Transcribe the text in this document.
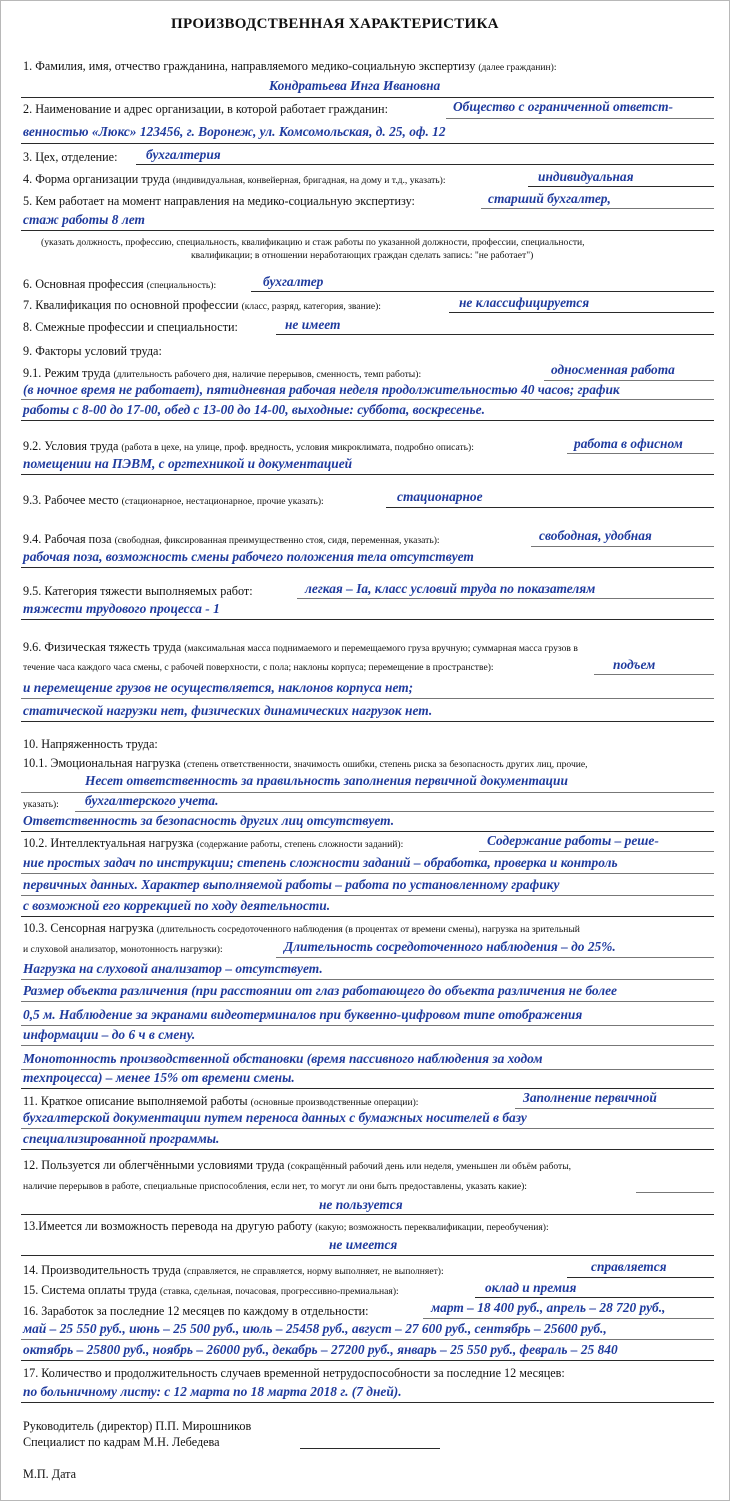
ПРОИЗВОДСТВЕННАЯ ХАРАКТЕРИСТИКА
1. Фамилия, имя, отчество гражданина, направляемого медико-социальную экспертизу (далее гражданин):
Кондратьева Инга Ивановна
2. Наименование и адрес организации, в которой работает гражданин:	Общество с ограниченной ответст-
венностью «Люкс» 123456, г. Воронеж, ул. Комсомольская, д. 25, оф. 12
3. Цех, отделение: бухгалтерия
4. Форма организации труда (индивидуальная, конвейерная, бригадная, на дому и т.д., указать):	индивидуальная
5. Кем работает на момент направления на медико-социальную экспертизу:	старший бухгалтер,
стаж работы 8 лет
(указать должность, профессию, специальность, квалификацию и стаж работы по указанной должности, профессии, специальности,
квалификации; в отношении неработающих граждан сделать запись: "не работает")
6. Основная профессия (специальность):	бухгалтер
7. Квалификация по основной профессии (класс, разряд, категория, звание):	не классифицируется
8. Смежные профессии и специальности:	не имеет
9. Факторы условий труда:
9.1. Режим труда (длительность рабочего дня, наличие перерывов, сменность, темп работы):	односменная работа
(в ночное время не работает), пятидневная рабочая неделя продолжительностью 40 часов; график
работы с 8-00 до 17-00, обед с 13-00 до 14-00, выходные: суббота, воскресенье.
9.2. Условия труда (работа в цехе, на улице, проф. вредность, условия микроклимата, подробно описать):	работа в офисном
помещении на ПЭВМ, с оргтехникой и документацией
9.3. Рабочее место (стационарное, нестационарное, прочие указать):	стационарное
9.4. Рабочая поза (свободная, фиксированная преимущественно стоя, сидя, переменная, указать):	свободная, удобная
рабочая поза, возможность смены рабочего положения тела отсутствует
9.5. Категория тяжести выполняемых работ:	легкая – Iа, класс условий труда по показателям
тяжести трудового процесса - 1
9.6. Физическая тяжесть труда (максимальная масса поднимаемого и перемещаемого груза вручную; суммарная масса грузов в
течение часа каждого часа смены, с рабочей поверхности, с пола; наклоны корпуса; перемещение в пространстве):	подъем
и перемещение грузов не осуществляется, наклонов корпуса нет;
статической нагрузки нет, физических динамических нагрузок нет.
10. Напряженность труда:
10.1. Эмоциональная нагрузка (степень ответственности, значимость ошибки, степень риска за безопасность других лиц, прочие,
Несет ответственность за правильность заполнения первичной документации
указать): бухгалтерского учета.
Ответственность за безопасность других лиц отсутствует.
10.2. Интеллектуальная нагрузка (содержание работы, степень сложности заданий):	Содержание работы – реше-
ние простых задач по инструкции; степень сложности заданий – обработка, проверка и контроль
первичных данных. Характер выполняемой работы – работа по установленному графику
с возможной его коррекцией по ходу деятельности.
10.3. Сенсорная нагрузка (длительность сосредоточенного наблюдения (в процентах от времени смены), нагрузка на зрительный
и слуховой анализатор, монотонность нагрузки):	Длительность сосредоточенного наблюдения – до 25%.
Нагрузка на слуховой анализатор – отсутствует.
Размер объекта различения (при расстоянии от глаз работающего до объекта различения не более
0,5 м. Наблюдение за экранами видеотерминалов при буквенно-цифровом типе отображения
информации – до 6 ч в смену.
Монотонность производственной обстановки (время пассивного наблюдения за ходом
техпроцесса) – менее 15% от времени смены.
11. Краткое описание выполняемой работы (основные производственные операции):	Заполнение первичной
бухгалтерской документации путем переноса данных с бумажных носителей в базу
специализированной программы.
12. Пользуется ли облегчёнными условиями труда (сокращённый рабочий день или неделя, уменьшен ли объём работы,
наличие перерывов в работе, специальные приспособления, если нет, то могут ли они быть предоставлены, указать какие):
не пользуется
13.Имеется ли возможность перевода на другую работу (какую; возможность переквалификации, переобучения):
не имеется
14. Производительность труда (справляется, не справляется, норму выполняет, не выполняет):	справляется
15. Система оплаты труда (ставка, сдельная, почасовая, прогрессивно-премиальная):	оклад и премия
16. Заработок за последние 12 месяцев по каждому в отдельности:	март – 18 400 руб., апрель – 28 720 руб.,
май – 25 550 руб., июнь – 25 500 руб., июль – 25458 руб., август – 27 600 руб., сентябрь – 25600 руб.,
октябрь – 25800 руб., ноябрь – 26000 руб., декабрь – 27200 руб., январь – 25 550 руб., февраль – 25 840
17. Количество и продолжительность случаев временной нетрудоспособности за последние 12 месяцев:
по больничному листу: с 12 марта по 18 марта 2018 г. (7 дней).
Руководитель (директор) П.П. Мирошников
Специалист по кадрам М.Н. Лебедева
М.П. Дата
